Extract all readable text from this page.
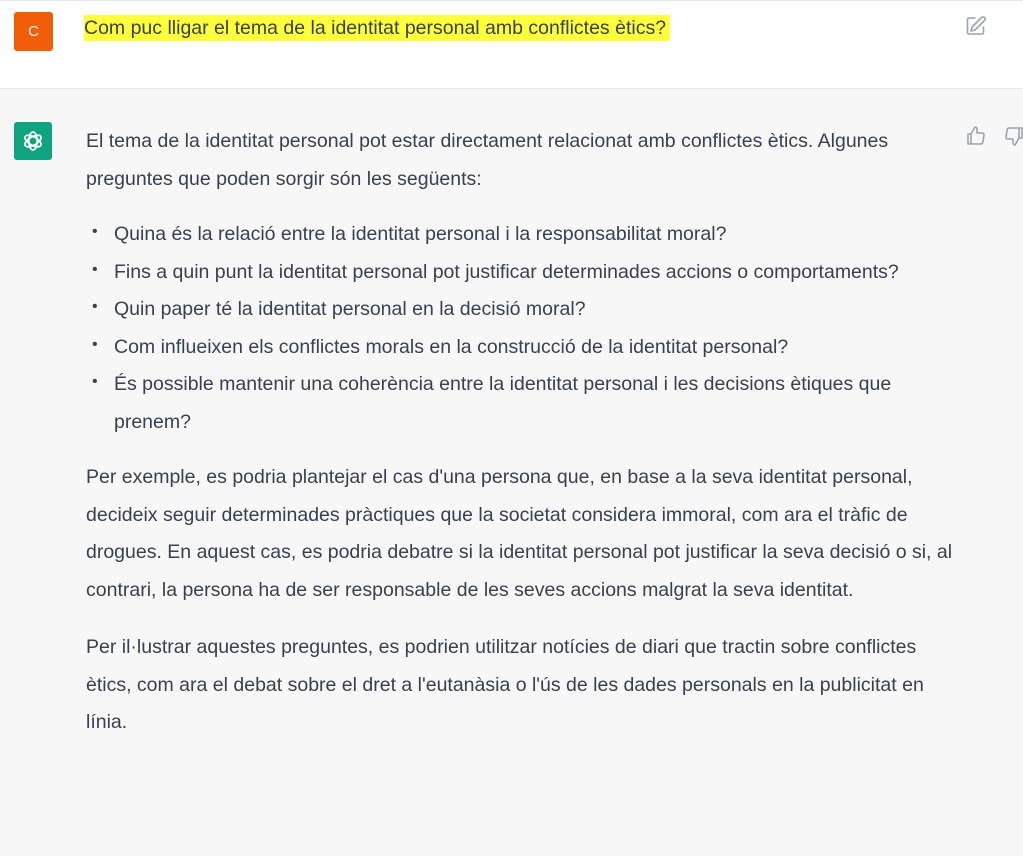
C Com puc lligar el tema de la identitat personal amb conflictes ètics?

El tema de la identitat personal pot estar directament relacionat amb conflictes ètics. Algunes preguntes que poden sorgir són les següents:

• Quina és la relació entre la identitat personal i la responsabilitat moral?
• Fins a quin punt la identitat personal pot justificar determinades accions o comportaments?
• Quin paper té la identitat personal en la decisió moral?
• Com influeixen els conflictes morals en la construcció de la identitat personal?
• És possible mantenir una coherència entre la identitat personal i les decisions ètiques que prenem?

Per exemple, es podria plantejar el cas d'una persona que, en base a la seva identitat personal, decideix seguir determinades pràctiques que la societat considera immoral, com ara el tràfic de drogues. En aquest cas, es podria debatre si la identitat personal pot justificar la seva decisió o si, al contrari, la persona ha de ser responsable de les seves accions malgrat la seva identitat.

Per il·lustrar aquestes preguntes, es podrien utilitzar notícies de diari que tractin sobre conflictes ètics, com ara el debat sobre el dret a l'eutanàsia o l'ús de les dades personals en la publicitat en línia.
